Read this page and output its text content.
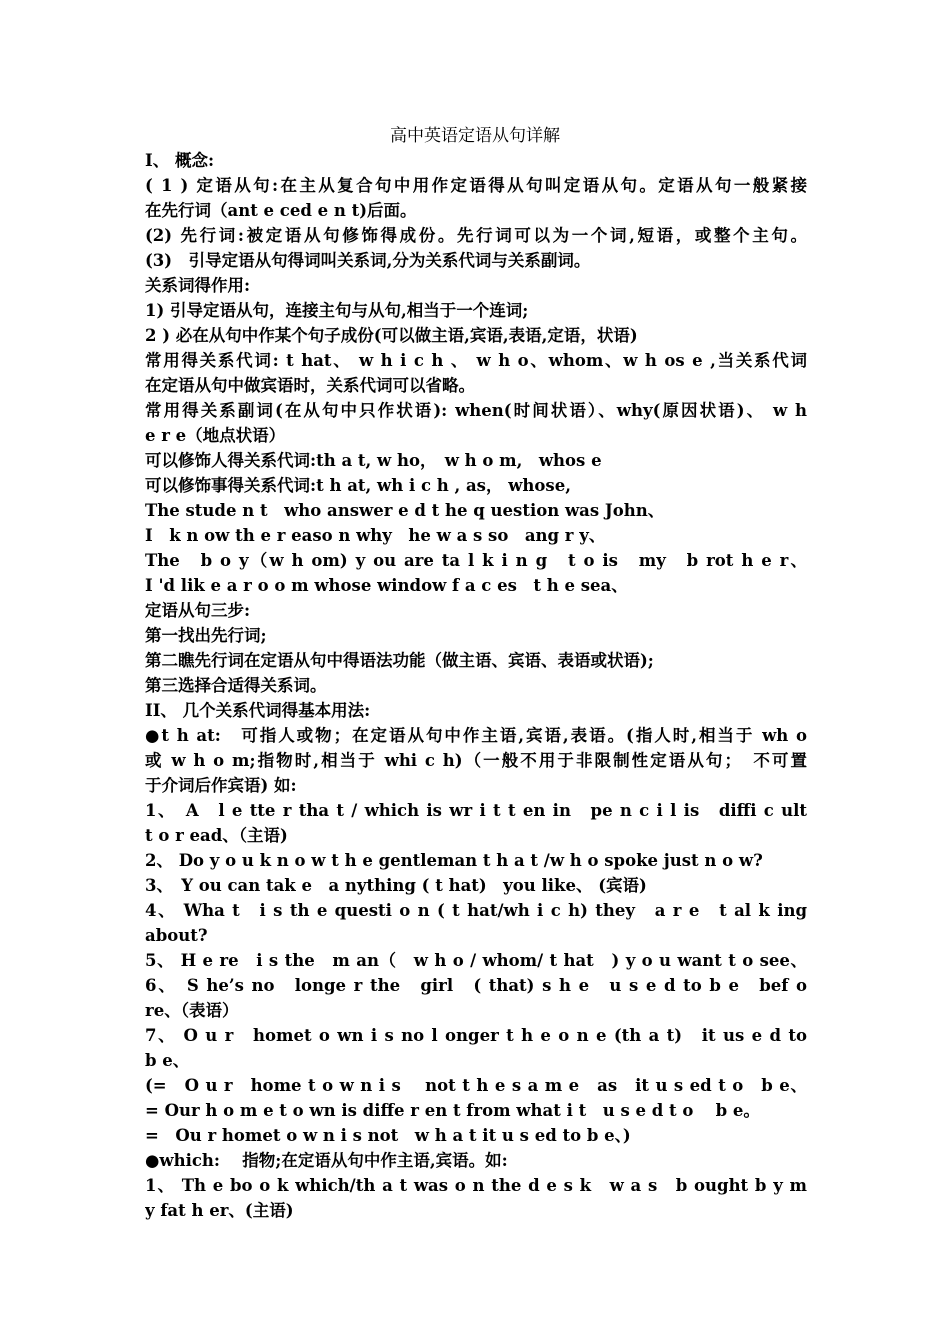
高中英语定语从句详解
I、 概念:
( 1 ) 定语从句:在主从复合句中用作定语得从句叫定语从句。定语从句一般紧接
在先行词（ant e ced e n t)后面。
(2) 先行词:被定语从句修饰得成份。先行词可以为一个词,短语，或整个主句。
(3)　引导定语从句得词叫关系词,分为关系代词与关系副词。
关系词得作用:
1) 引导定语从句，连接主句与从句,相当于一个连词;
2 ) 必在从句中作某个句子成份(可以做主语,宾语,表语,定语，状语)
常用得关系代词: t hat、 w h i c h 、 w h o、whom、w h os e ,当关系代词
在定语从句中做宾语时，关系代词可以省略。
常用得关系副词(在从句中只作状语): when(时间状语）、why(原因状语)、 w h
e r e（地点状语）
可以修饰人得关系代词:th a t, w ho，　w h o m,　whos e
可以修饰事得关系代词:t h at, wh i c h , as， whose,
The stude n t　who answer e d t he q uestion was John、
I　k n ow th e r easo n why　he w a s so　ang r y、
The　b o y（w h om) y ou are ta l k i n g　t o is　my　b rot h e r、
I 'd lik e a r o o m whose window f a c es　t h e sea、
定语从句三步:
第一找出先行词;
第二瞧先行词在定语从句中得语法功能（做主语、宾语、表语或状语);
第三选择合适得关系词。
II、 几个关系代词得基本用法:
●t h at:　可指人或物；在定语从句中作主语,宾语,表语。(指人时,相当于 wh o
或 w h o m;指物时,相当于 whi c h)（一般不用于非限制性定语从句；　不可置
于介词后作宾语) 如:
1、　A　l e tte r tha t / which is wr i t t en in　pe n c i l is　diffi c ult
t o r ead、（主语)
2、 Do y o u k n o w t h e gentleman t h a t /w h o spoke just n o w?
3、　Y ou can tak e　a nything ( t hat)　you like、 (宾语)
4、 Wha t　i s th e questi o n ( t hat/wh i c h) they　a r e　t al k ing
about?
5、 H e re　i s the　m an（　w h o / whom/ t hat　) y o u want t o see、
6、　S he’s no　longe r the　girl　( that) s h e　u s e d to b e　bef o
re、（表语）
7、 O u r　homet o wn i s no l onger t h e o n e (th a t)　it us e d to
b e、
(=　O u r　home t o w n i s　 not t h e s a m e　as　it u s ed t o　b e、
= Our h o m e t o wn is diffe r en t from what i t　u s e d t o　 b e。
=　Ou r homet o w n i s not　w h a t it u s ed to b e、)
●which:　 指物;在定语从句中作主语,宾语。如:
1、 Th e bo o k which/th a t was o n the d e s k　w a s　b ought b y m
y fat h er、(主语)
